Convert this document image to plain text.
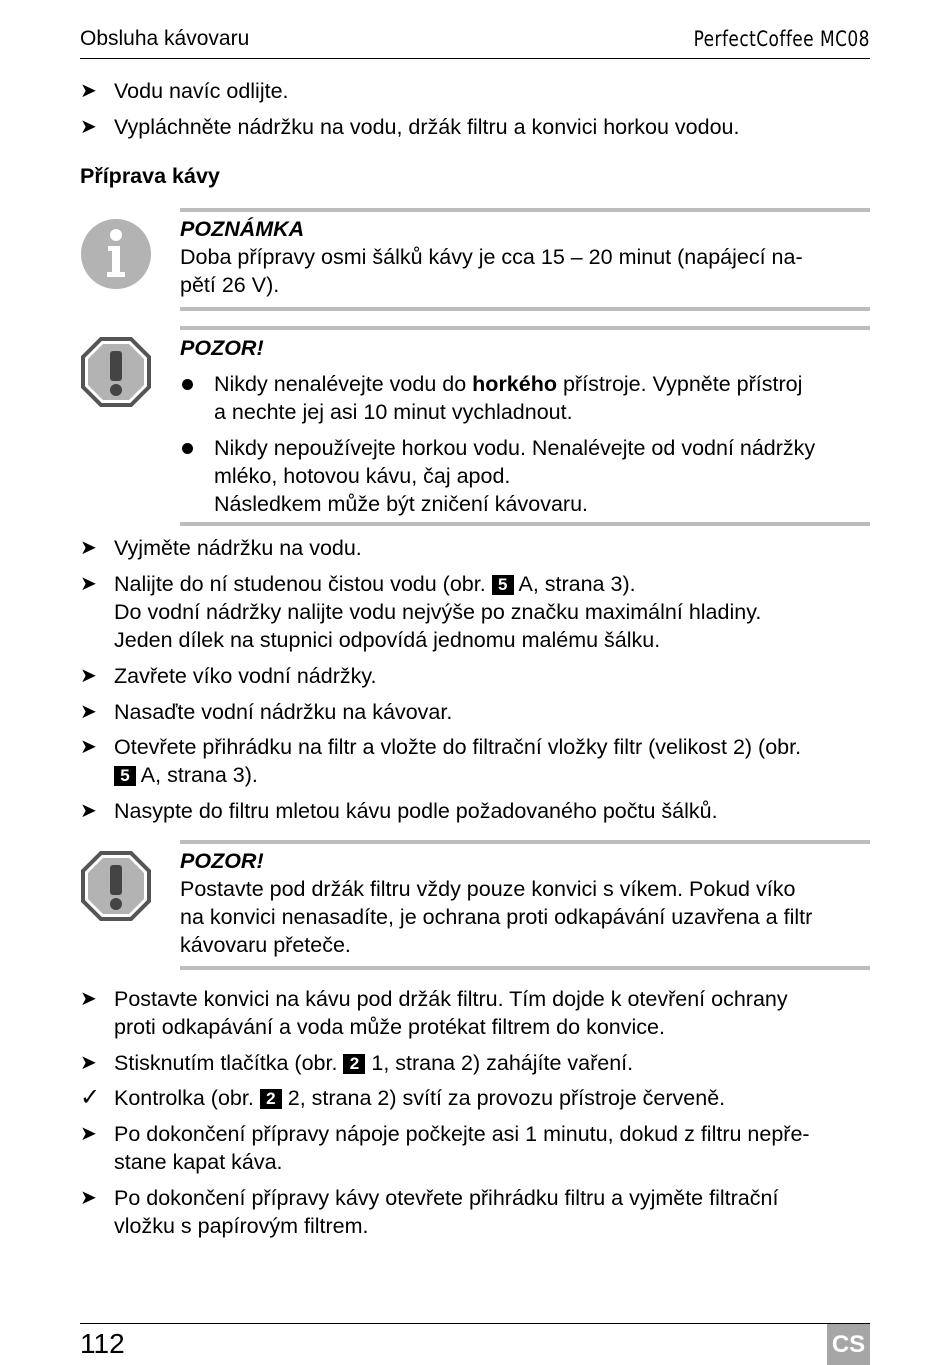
Obsluha kávovaru	PerfectCoffee MC08
➤ Vodu navíc odlijte.
➤ Vypláchněte nádržku na vodu, držák filtru a konvici horkou vodou.
Příprava kávy
POZNÁMKA
Doba přípravy osmi šálků kávy je cca 15 – 20 minut (napájecí na-
pětí 26 V).
POZOR!
Nikdy nenalévejte vodu do horkého přístroje. Vypněte přístroj
a nechte jej asi 10 minut vychladnout.
Nikdy nepoužívejte horkou vodu. Nenalévejte od vodní nádržky
mléko, hotovou kávu, čaj apod.
Následkem může být zničení kávovaru.
➤ Vyjměte nádržku na vodu.
➤ Nalijte do ní studenou čistou vodu (obr. 5 A, strana 3).
Do vodní nádržky nalijte vodu nejvýše po značku maximální hladiny.
Jeden dílek na stupnici odpovídá jednomu malému šálku.
➤ Zavřete víko vodní nádržky.
➤ Nasaďte vodní nádržku na kávovar.
➤ Otevřete přihrádku na filtr a vložte do filtrační vložky filtr (velikost 2) (obr.
5 A, strana 3).
➤ Nasypte do filtru mletou kávu podle požadovaného počtu šálků.
POZOR!
Postavte pod držák filtru vždy pouze konvici s víkem. Pokud víko
na konvici nenasadíte, je ochrana proti odkapávání uzavřena a filtr
kávovaru přeteče.
➤ Postavte konvici na kávu pod držák filtru. Tím dojde k otevření ochrany
proti odkapávání a voda může protékat filtrem do konvice.
➤ Stisknutím tlačítka (obr. 2 1, strana 2) zahájíte vaření.
✓ Kontrolka (obr. 2 2, strana 2) svítí za provozu přístroje červeně.
➤ Po dokončení přípravy nápoje počkejte asi 1 minutu, dokud z filtru nepře-
stane kapat káva.
➤ Po dokončení přípravy kávy otevřete přihrádku filtru a vyjměte filtrační
vložku s papírovým filtrem.
112	CS
